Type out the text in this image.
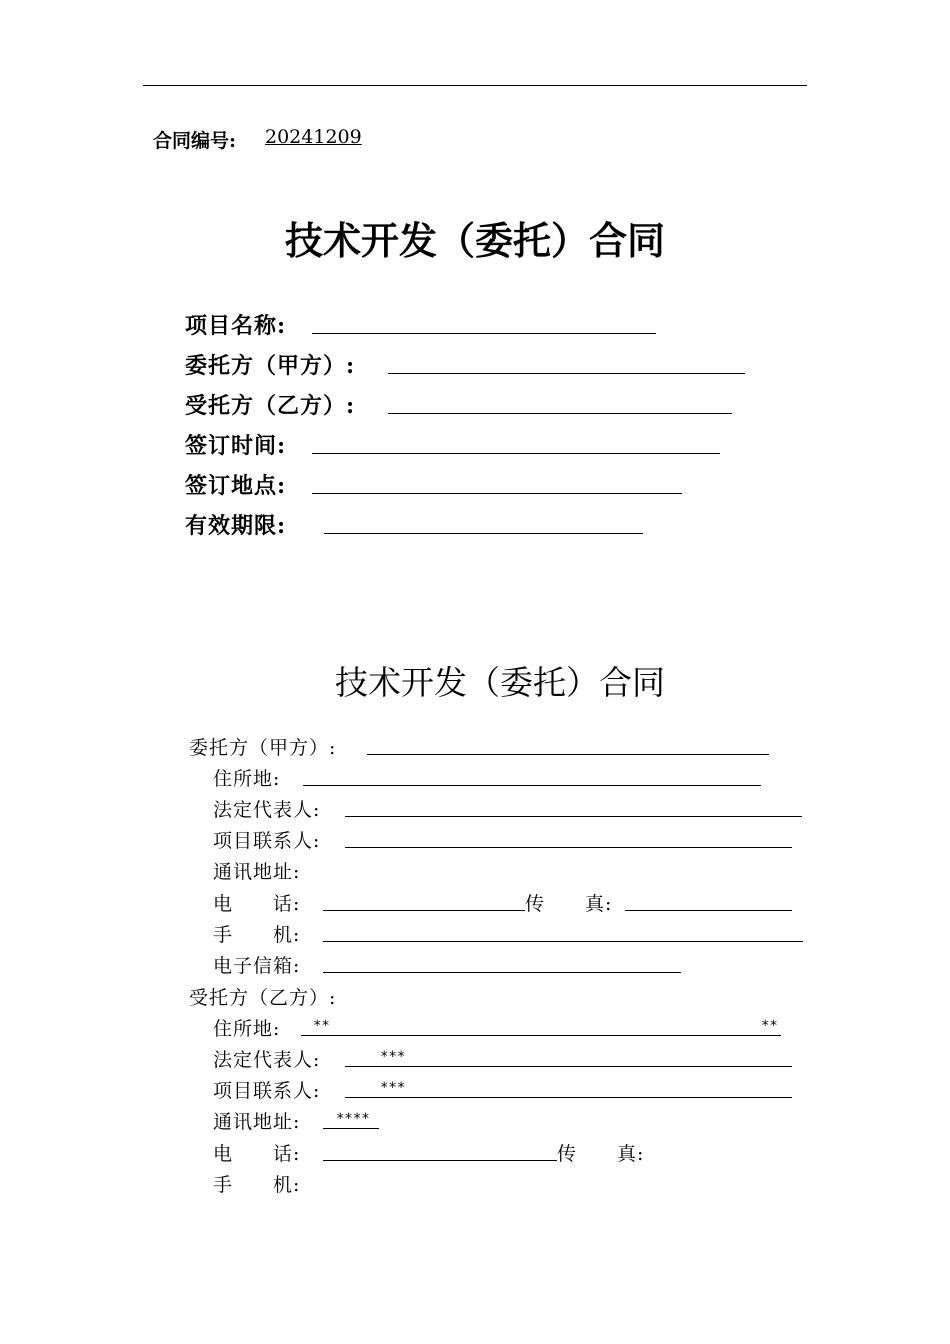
合同编号: 20241209
技术开发（委托）合同
项目名称:
委托方（甲方）:
受托方（乙方）:
签订时间:
签订地点:
有效期限:
技术开发（委托）合同
委托方（甲方）:
住所地:
法定代表人:
项目联系人:
通讯地址:
电　　话:	传　　真:
手　　机:
电子信箱:
受托方（乙方）:
住所地: **	**
法定代表人:	***
项目联系人:	***
通讯地址:	****
电　　话:	传　　真:
手　　机:
